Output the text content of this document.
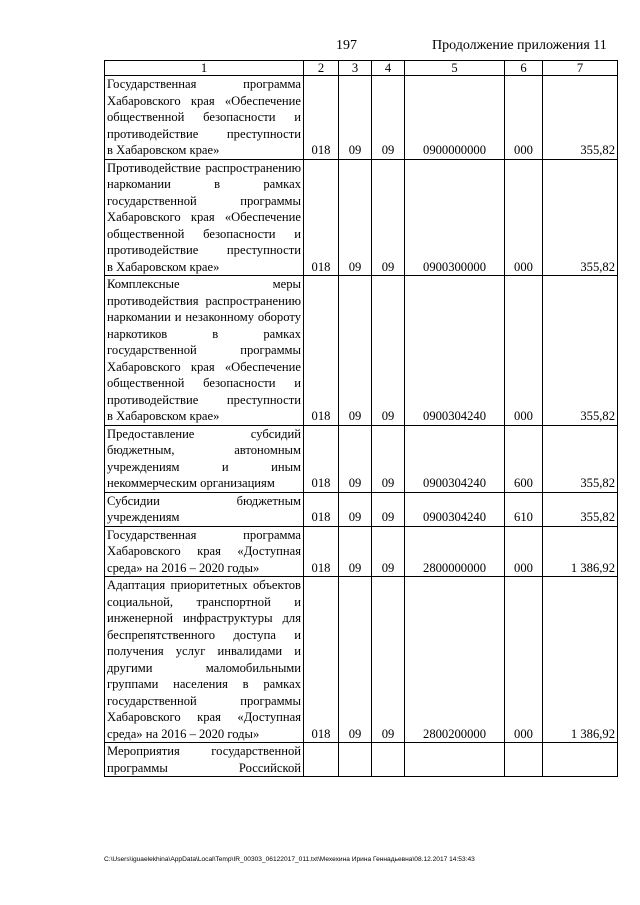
197	Продолжение приложения 11
1	2	3	4	5	6	7
Государственная программа Хабаровского края «Обеспечение общественной безопасности и противодействие преступности
в Хабаровском крае»	018	09	09	0900000000	000	355,82
Противодействие распространению наркомании в рамках государственной программы Хабаровского края «Обеспечение общественной безопасности и противодействие преступности
в Хабаровском крае»	018	09	09	0900300000	000	355,82
Комплексные меры противодействия распространению наркомании и незаконному обороту наркотиков в рамках государственной программы Хабаровского края «Обеспечение общественной безопасности и противодействие преступности
в Хабаровском крае»	018	09	09	0900304240	000	355,82
Предоставление субсидий бюджетным, автономным учреждениям и иным
некоммерческим организациям	018	09	09	0900304240	600	355,82
Субсидии бюджетным
учреждениям	018	09	09	0900304240	610	355,82
Государственная программа Хабаровского края «Доступная
среда» на 2016 – 2020 годы»	018	09	09	2800000000	000	1 386,92
Адаптация приоритетных объектов социальной, транспортной и инженерной инфраструктуры для беспрепятственного доступа и получения услуг инвалидами и другими маломобильными группами населения в рамках государственной программы Хабаровского края «Доступная
среда» на 2016 – 2020 годы»	018	09	09	2800200000	000	1 386,92
Мероприятия государственной программы Российской

C:\Users\iguaelekhina\AppData\Local\Temp\IR_00303_06122017_011.txt\Мехехина Ирина Геннадьевна\08.12.2017 14:53:43
